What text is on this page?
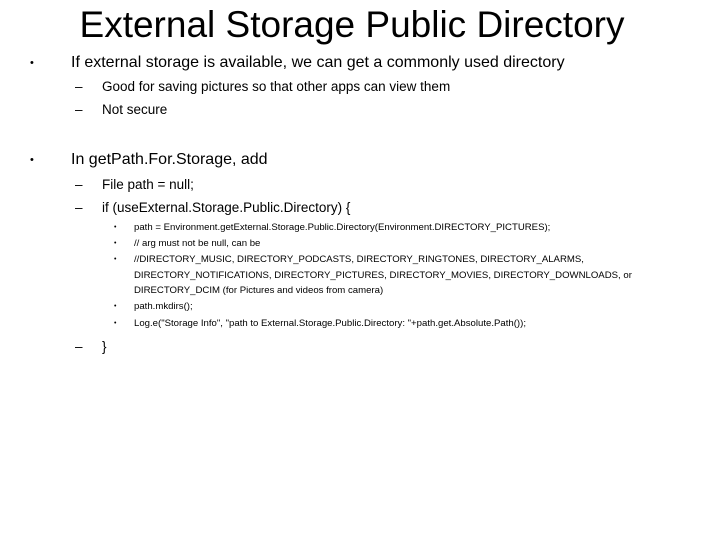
External Storage Public Directory
• If external storage is available, we can get a commonly used directory
– Good for saving pictures so that other apps can view them
– Not secure
• In getPath.For.Storage, add
– File path = null;
– if (useExternal.Storage.Public.Directory) {
• path = Environment.getExternal.Storage.Public.Directory(Environment.DIRECTORY_PICTURES);
• // arg must not be null, can be
• //DIRECTORY_MUSIC, DIRECTORY_PODCASTS, DIRECTORY_RINGTONES, DIRECTORY_ALARMS, DIRECTORY_NOTIFICATIONS, DIRECTORY_PICTURES, DIRECTORY_MOVIES, DIRECTORY_DOWNLOADS, or DIRECTORY_DCIM (for Pictures and videos from camera)
• path.mkdirs();
• Log.e("Storage Info", "path to External.Storage.Public.Directory: "+path.get.Absolute.Path());
– }
